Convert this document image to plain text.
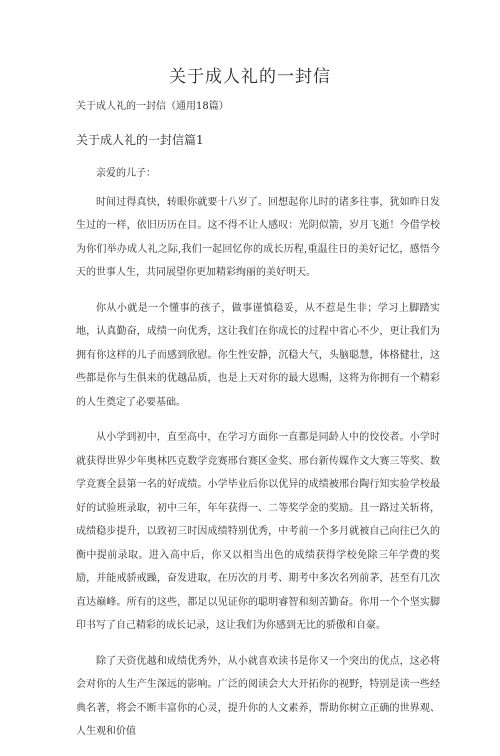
关于成人礼的一封信

关于成人礼的一封信（通用18篇）

关于成人礼的一封信篇1

亲爱的儿子：

时间过得真快，转眼你就要十八岁了。回想起你儿时的诸多往事，犹如昨日发生过的一样，依旧历历在目。这不得不让人感叹：光阴似箭，岁月飞逝！今借学校为你们举办成人礼之际,我们一起回忆你的成长历程,重温往日的美好记忆，感悟今天的世事人生，共同展望你更加精彩绚丽的美好明天。

你从小就是一个懂事的孩子，做事谨慎稳妥，从不惹是生非；学习上脚踏实地，认真勤奋，成绩一向优秀，这让我们在你成长的过程中省心不少，更让我们为拥有你这样的儿子而感到欣慰。你生性安静，沉稳大气，头脑聪慧，体格健壮，这些都是你与生俱来的优越品质，也是上天对你的最大恩赐，这将为你拥有一个精彩的人生奠定了必要基础。

从小学到初中，直至高中，在学习方面你一直都是同龄人中的佼佼者。小学时就获得世界少年奥林匹克数学竞赛邢台赛区金奖、邢台新传媒作文大赛三等奖、数学竞赛全县第一名的好成绩。小学毕业后你以优异的成绩被邢台陶行知实验学校最好的试验班录取，初中三年，年年获得一、二等奖学金的奖励。且一路过关斩将，成绩稳步提升，以致初三时因成绩特别优秀，中考前一个多月就被自己向往已久的衡中提前录取。进入高中后，你又以相当出色的成绩获得学校免除三年学费的奖励，并能戒骄戒躁，奋发进取，在历次的月考、期考中多次名列前茅，甚至有几次直达巅峰。所有的这些，都足以见证你的聪明睿智和刻苦勤奋。你用一个个坚实脚印书写了自己精彩的成长记录，这让我们为你感到无比的骄傲和自豪。

除了天资优越和成绩优秀外，从小就喜欢读书是你又一个突出的优点，这必将会对你的人生产生深远的影响。广泛的阅读会大大开拓你的视野，特别是读一些经典名著，将会不断丰富你的心灵，提升你的人文素养，帮助你树立正确的世界观、人生观和价值
